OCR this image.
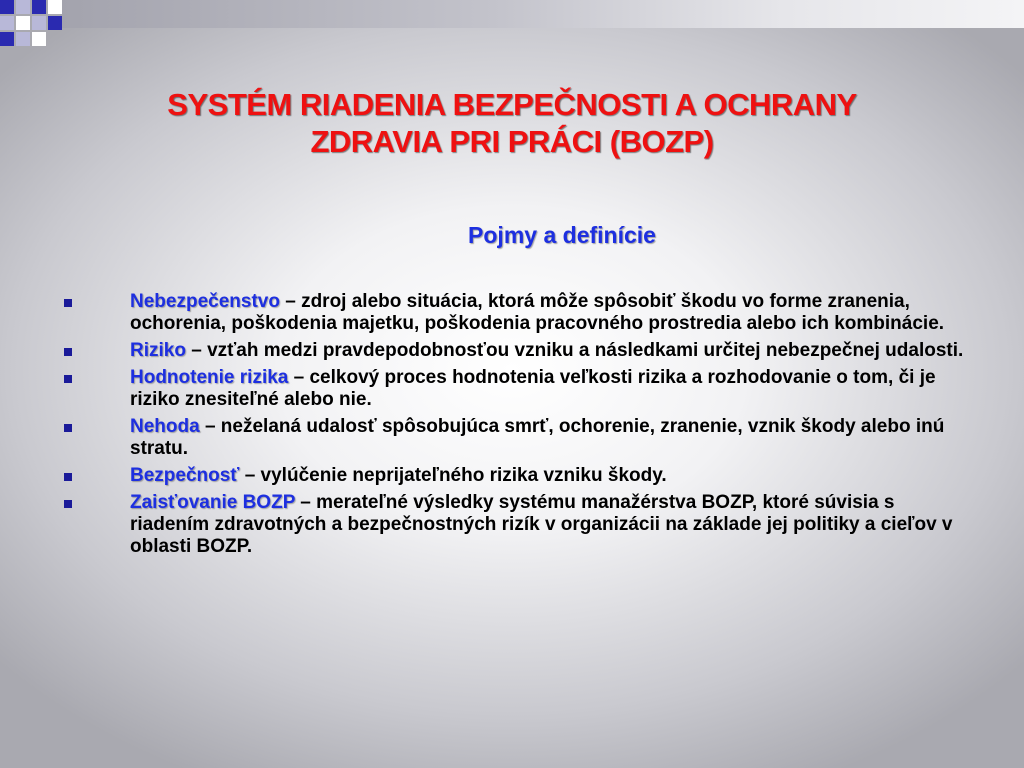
SYSTÉM RIADENIA BEZPEČNOSTI A OCHRANY
ZDRAVIA PRI PRÁCI (BOZP)
Pojmy a definície
Nebezpečenstvo – zdroj alebo situácia, ktorá môže spôsobiť škodu vo forme zranenia, ochorenia, poškodenia majetku, poškodenia pracovného prostredia alebo ich kombinácie.
Riziko – vzťah medzi pravdepodobnosťou vzniku a následkami určitej nebezpečnej udalosti.
Hodnotenie rizika – celkový proces hodnotenia veľkosti rizika a rozhodovanie o tom, či je riziko znesiteľné alebo nie.
Nehoda – neželaná udalosť spôsobujúca smrť, ochorenie, zranenie, vznik škody alebo inú stratu.
Bezpečnosť – vylúčenie neprijateľného rizika vzniku škody.
Zaisťovanie BOZP – merateľné výsledky systému manažérstva BOZP, ktoré súvisia s riadením zdravotných a bezpečnostných rizík v organizácii na základe jej politiky a cieľov v oblasti BOZP.
